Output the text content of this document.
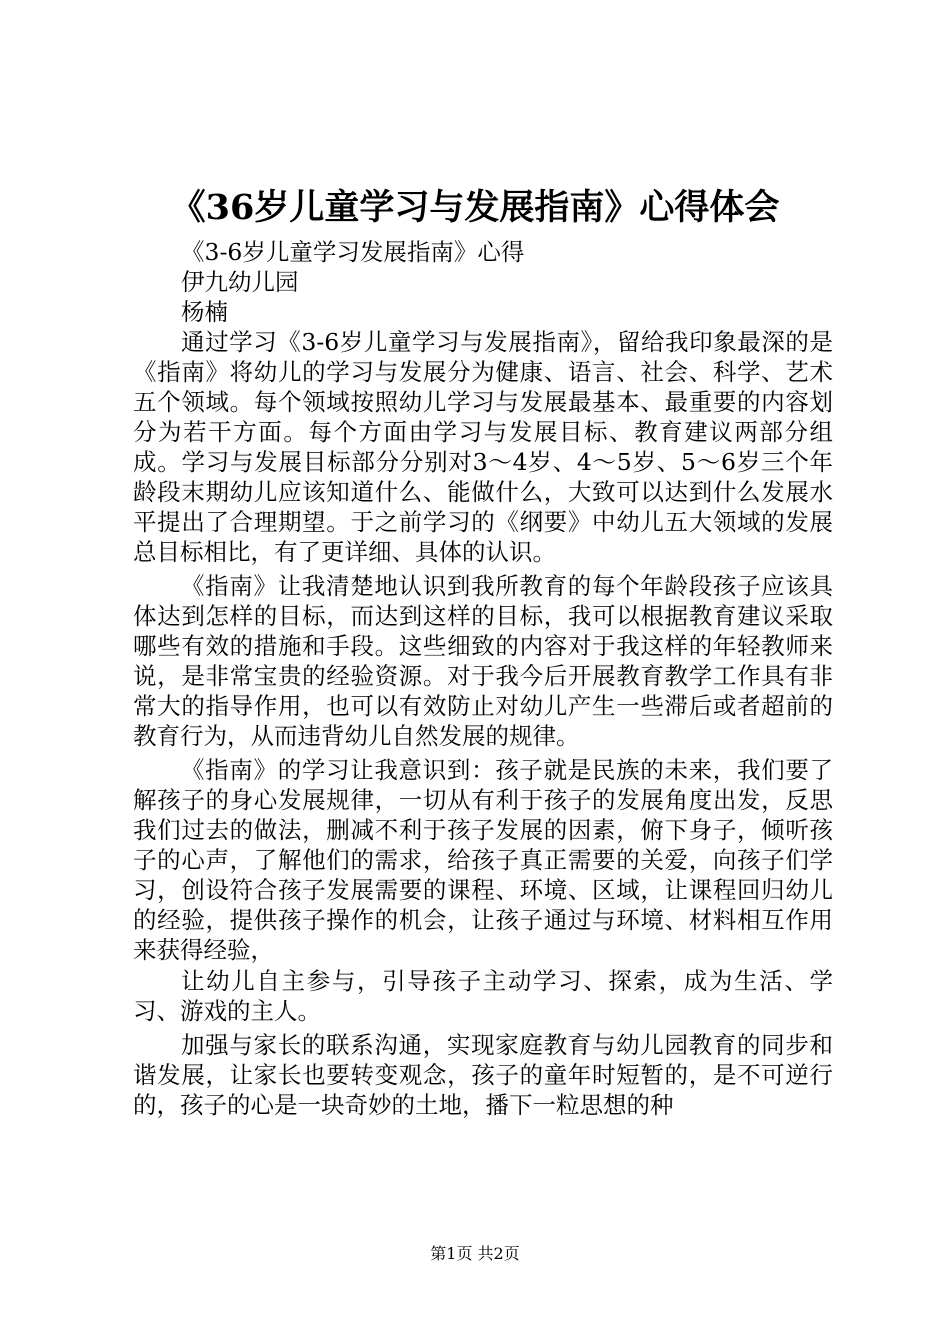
《36岁儿童学习与发展指南》心得体会

《3-6岁儿童学习发展指南》心得

伊九幼儿园

杨楠

通过学习《3-6岁儿童学习与发展指南》，留给我印象最深的是《指南》将幼儿的学习与发展分为健康、语言、社会、科学、艺术五个领域。每个领域按照幼儿学习与发展最基本、最重要的内容划分为若干方面。每个方面由学习与发展目标、教育建议两部分组成。学习与发展目标部分分别对3～4岁、4～5岁、5～6岁三个年龄段末期幼儿应该知道什么、能做什么，大致可以达到什么发展水平提出了合理期望。于之前学习的《纲要》中幼儿五大领域的发展总目标相比，有了更详细、具体的认识。

《指南》让我清楚地认识到我所教育的每个年龄段孩子应该具体达到怎样的目标，而达到这样的目标，我可以根据教育建议采取哪些有效的措施和手段。这些细致的内容对于我这样的年轻教师来说，是非常宝贵的经验资源。对于我今后开展教育教学工作具有非常大的指导作用，也可以有效防止对幼儿产生一些滞后或者超前的教育行为，从而违背幼儿自然发展的规律。

《指南》的学习让我意识到：孩子就是民族的未来，我们要了解孩子的身心发展规律，一切从有利于孩子的发展角度出发，反思我们过去的做法，删减不利于孩子发展的因素，俯下身子，倾听孩子的心声，了解他们的需求，给孩子真正需要的关爱，向孩子们学习，创设符合孩子发展需要的课程、环境、区域，让课程回归幼儿的经验，提供孩子操作的机会，让孩子通过与环境、材料相互作用来获得经验，

让幼儿自主参与，引导孩子主动学习、探索，成为生活、学习、游戏的主人。

加强与家长的联系沟通，实现家庭教育与幼儿园教育的同步和谐发展，让家长也要转变观念，孩子的童年时短暂的，是不可逆行的，孩子的心是一块奇妙的土地，播下一粒思想的种

第1页 共2页
